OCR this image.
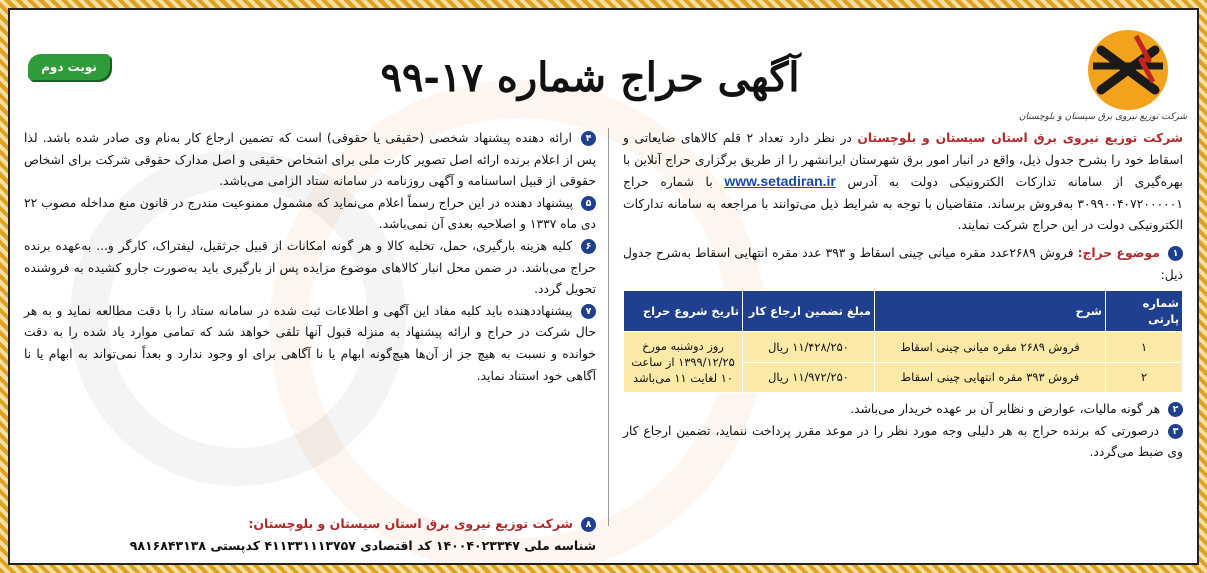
شرکت توزیع نیروی برق سیستان و بلوچستان
آگهی حراج شماره ۱۷-۹۹
نوبت دوم

شرکت توزیع نیروی برق استان سیستان و بلوچستان در نظر دارد تعداد ۲ قلم کالاهای ضایعاتی و اسقاط خود را بشرح جدول ذیل، واقع در انبار امور برق شهرستان ایرانشهر را از طریق برگزاری حراج آنلاین با بهره‌گیری از سامانه تدارکات الکترونیکی دولت به آدرس www.setadiran.ir با شماره حراج ۳۰۹۹۰۰۴۰۷۲۰۰۰۰۰۱ به‌فروش برساند. متقاضیان با توجه به شرایط ذیل می‌توانند با مراجعه به سامانه تدارکات الکترونیکی دولت در این حراج شرکت نمایند.

۱ موضوع حراج: فروش ۲۶۸۹عدد مقره میانی چینی اسقاط و ۳۹۳ عدد مقره انتهایی اسقاط به‌شرح جدول ذیل:

شماره پارتی	شرح	مبلغ تضمین ارجاع کار	تاریخ شروع حراج
۱	فروش ۲۶۸۹ مقره میانی چینی اسقاط	۱۱/۴۲۸/۲۵۰ ریال	روز دوشنبه مورخ ۱۳۹۹/۱۲/۲۵ از ساعت ۱۰ لغایت ۱۱ می‌باشد
۲	فروش ۳۹۳ مقره انتهایی چینی اسقاط	۱۱/۹۷۲/۲۵۰ ریال	

۲ هر گونه مالیات، عوارض و نظایر آن بر عهده خریدار می‌باشد.

۳ درصورتی که برنده حراج به هر دلیلی وجه مورد نظر را در موعد مقرر پرداخت ننماید، تضمین ارجاع کار وی ضبط می‌گردد.

۴ ارائه دهنده پیشنهاد شخصی (حقیقی یا حقوقی) است که تضمین ارجاع کار به‌نام وی صادر شده باشد. لذا پس از اعلام برنده ارائه اصل تصویر کارت ملی برای اشخاص حقیقی و اصل مدارک حقوقی شرکت برای اشخاص حقوقی از قبیل اساسنامه و آگهی روزنامه در سامانه ستاد الزامی می‌باشد.

۵ پیشنهاد دهنده در این حراج رسماً اعلام می‌نماید که مشمول ممنوعیت مندرج در قانون منع مداخله مصوب ۲۲ دی ماه ۱۳۳۷ و اصلاحیه بعدی آن نمی‌باشد.

۶ کلیه هزینه بارگیری، حمل، تخلیه کالا و هر گونه امکانات از قبیل جرثقیل، لیفتراک، کارگر و... به‌عهده برنده حراج می‌باشد. در ضمن محل انبار کالاهای موضوع مزایده پس از بارگیری باید به‌صورت جارو کشیده به فروشنده تحویل گردد.

۷ پیشنهاددهنده باید کلیه مفاد این آگهی و اطلاعات ثبت شده در سامانه ستاد را با دقت مطالعه نماید و به هر حال شرکت در حراج و ارائه پیشنهاد به منزله قبول آنها تلقی خواهد شد که تمامی موارد یاد شده را به دقت خوانده و نسبت به هیچ جز از آن‌ها هیچ‌گونه ابهام یا نا آگاهی برای او وجود ندارد و بعداً نمی‌تواند به ابهام یا نا آگاهی خود استناد نماید.

۸ شرکت توزیع نیروی برق استان سیستان و بلوچستان:

شناسه ملی ۱۴۰۰۴۰۲۳۳۴۷ کد اقتصادی ۴۱۱۳۳۱۱۱۳۷۵۷ کدپستی ۹۸۱۶۸۴۳۱۳۸
